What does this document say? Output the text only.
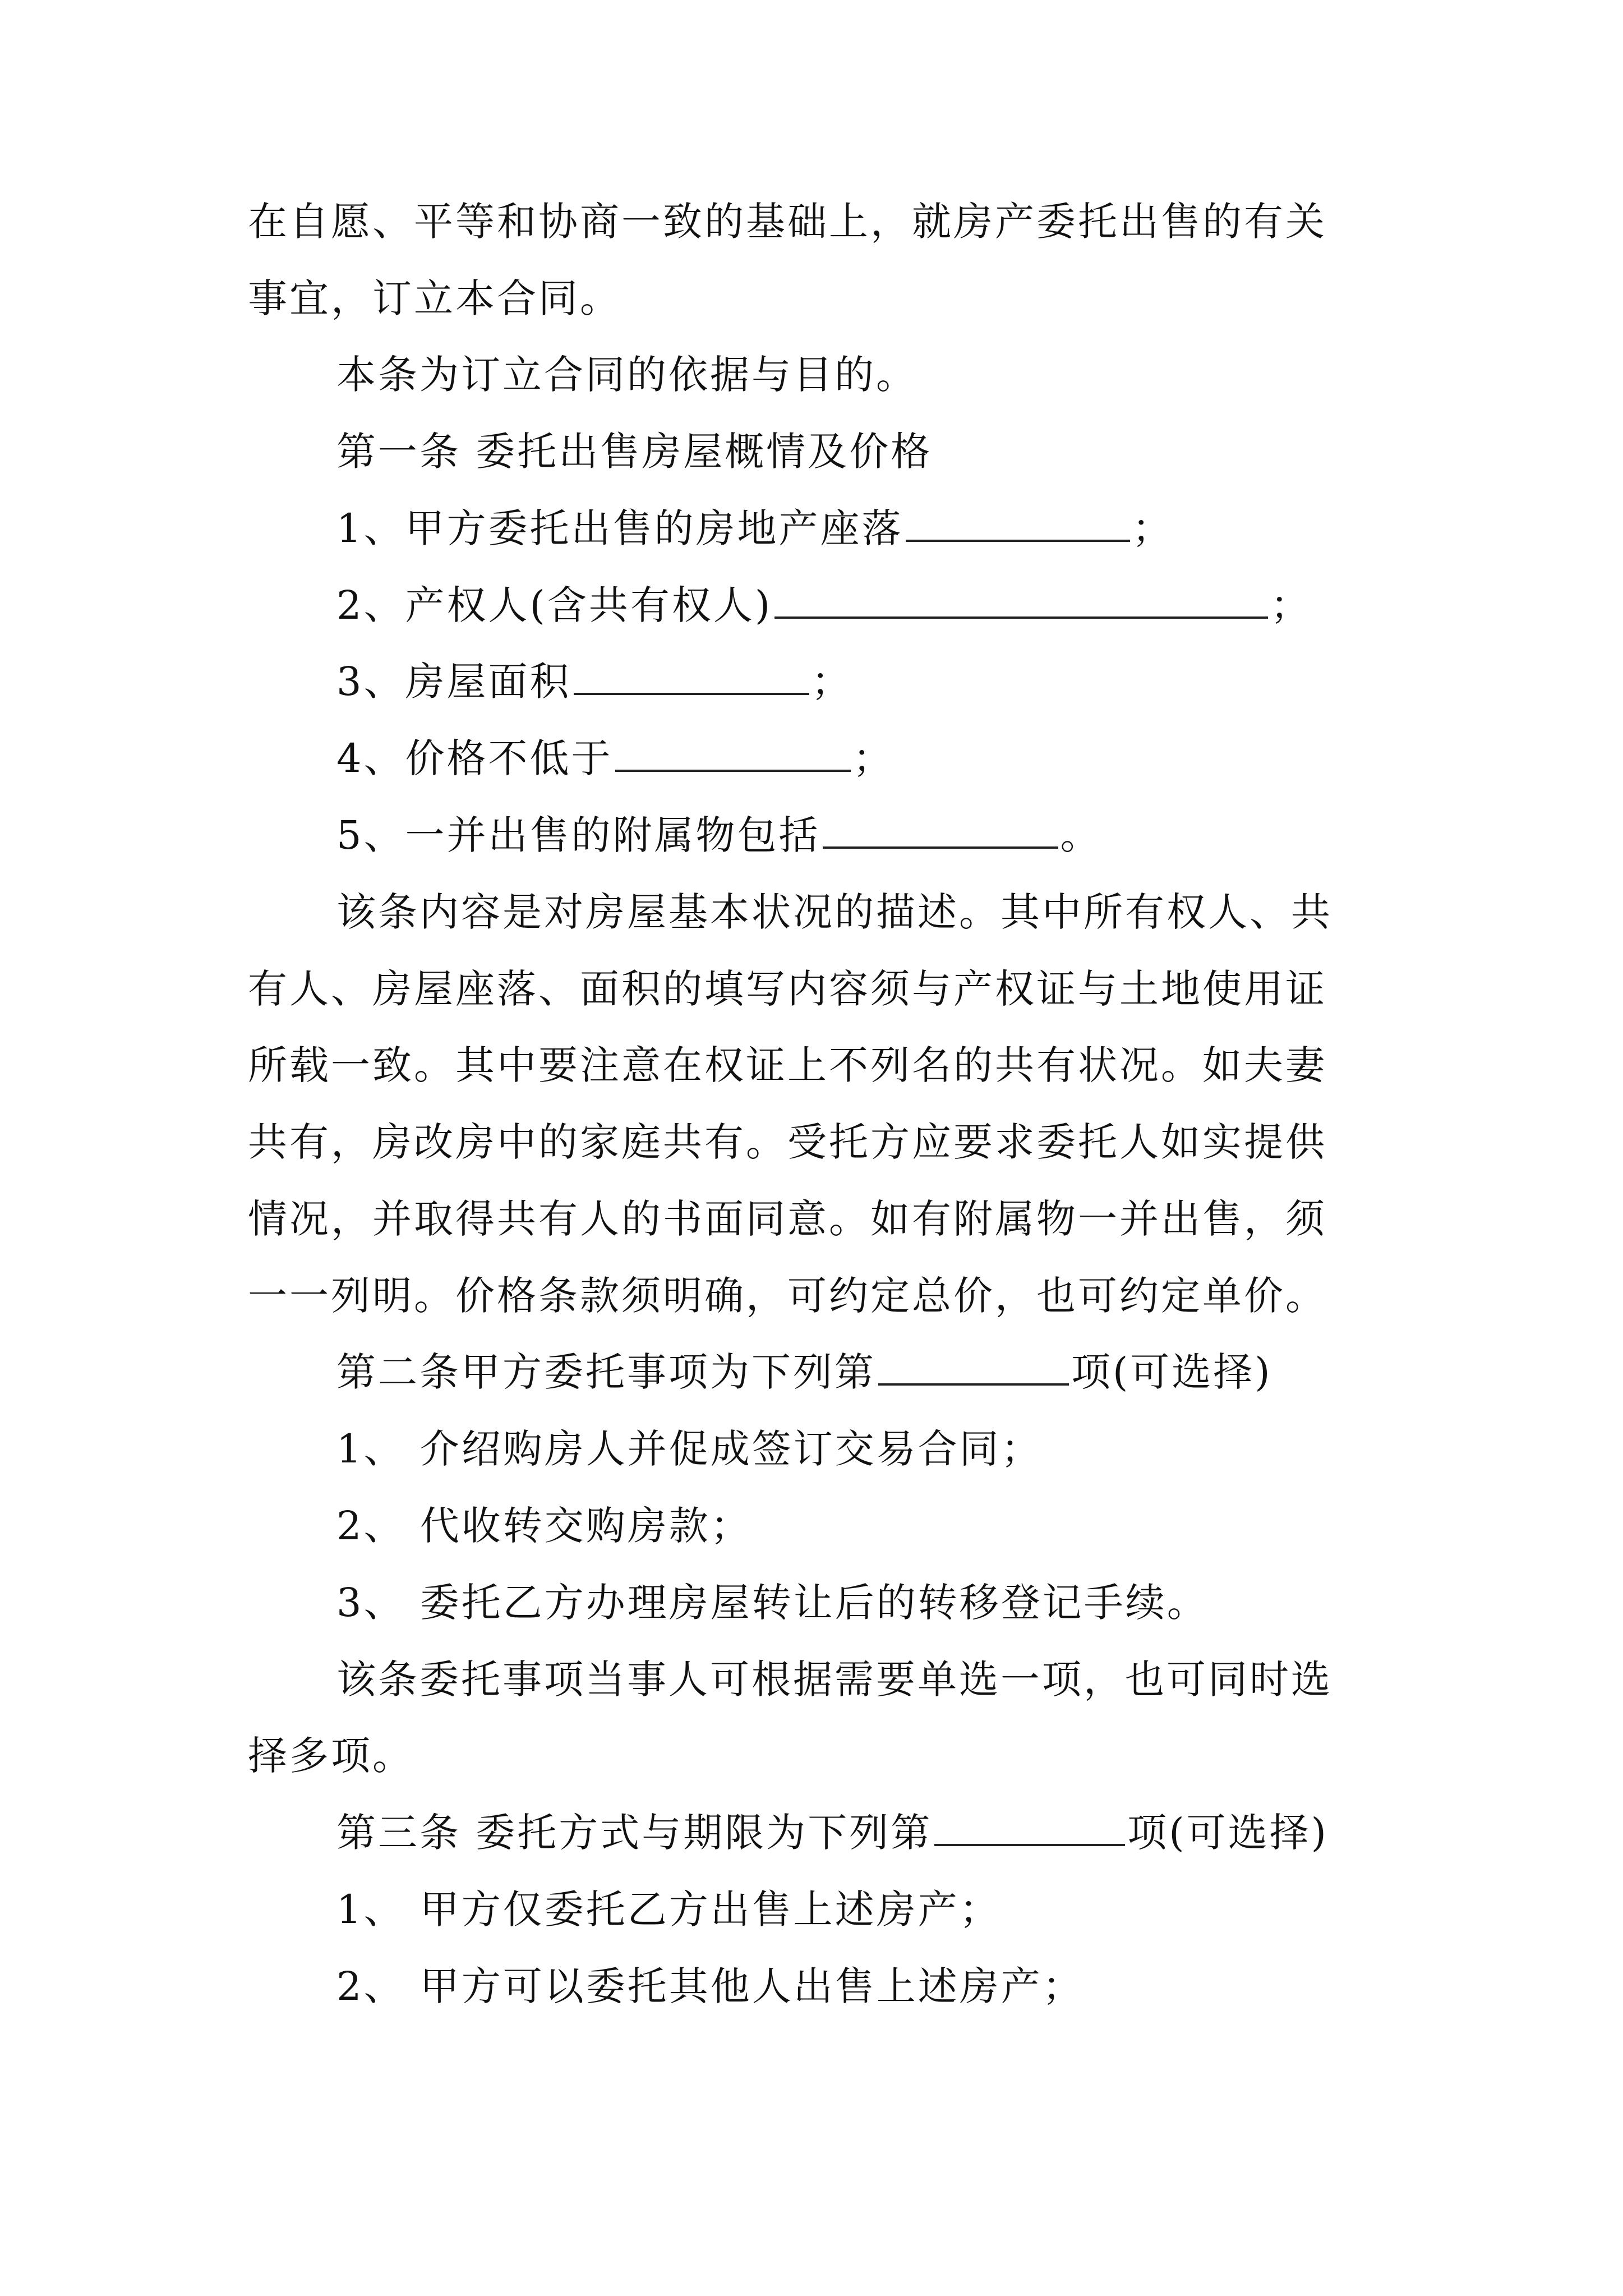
在自愿、平等和协商一致的基础上，就房产委托出售的有关
事宜，订立本合同。
本条为订立合同的依据与目的。
第一条 委托出售房屋概情及价格
1、甲方委托出售的房地产座落	；
2、产权人(含共有权人)	；
3、房屋面积	；
4、价格不低于	；
5、一并出售的附属物包括	。
该条内容是对房屋基本状况的描述。其中所有权人、共
有人、房屋座落、面积的填写内容须与产权证与土地使用证
所载一致。其中要注意在权证上不列名的共有状况。如夫妻
共有，房改房中的家庭共有。受托方应要求委托人如实提供
情况，并取得共有人的书面同意。如有附属物一并出售，须
一一列明。价格条款须明确，可约定总价，也可约定单价。
第二条甲方委托事项为下列第	项(可选择)
1、 介绍购房人并促成签订交易合同；
2、 代收转交购房款；
3、 委托乙方办理房屋转让后的转移登记手续。
该条委托事项当事人可根据需要单选一项，也可同时选
择多项。
第三条 委托方式与期限为下列第	项(可选择)
1、 甲方仅委托乙方出售上述房产；
2、 甲方可以委托其他人出售上述房产；
